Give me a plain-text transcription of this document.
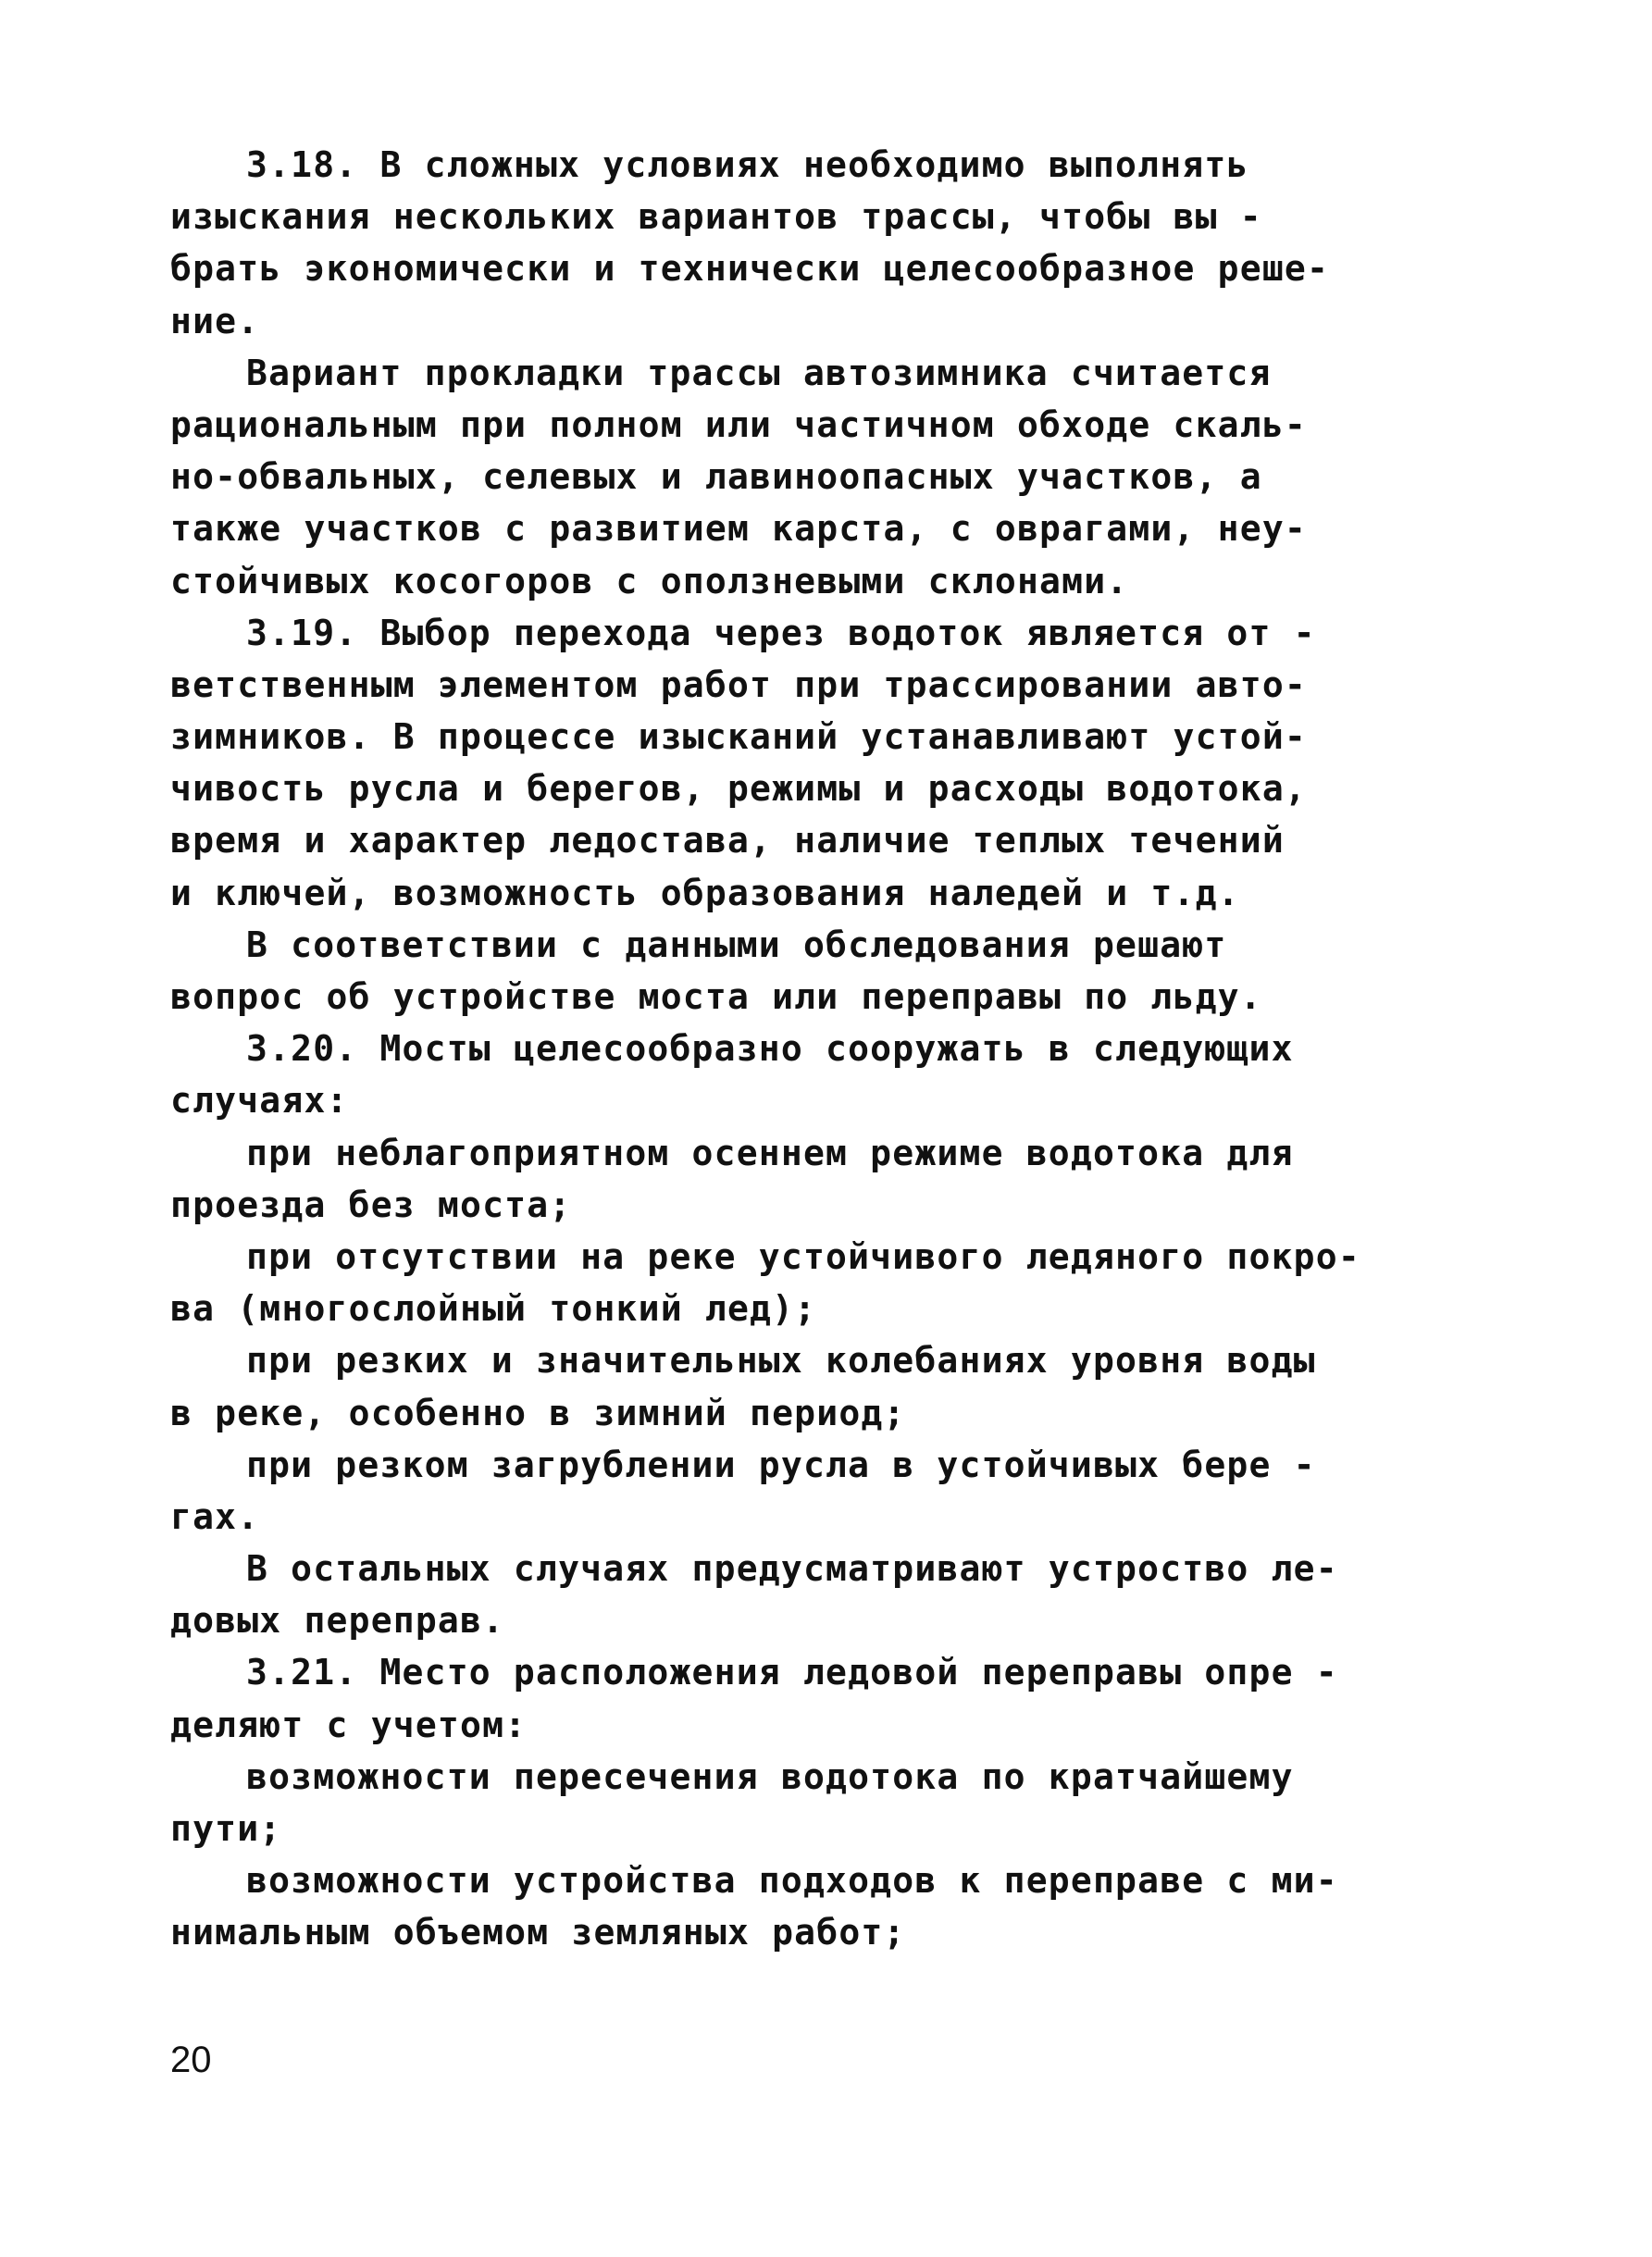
3.18. В сложных условиях необходимо выполнять
изыскания нескольких вариантов трассы, чтобы вы -
брать экономически и технически целесообразное реше-
ние.
Вариант прокладки трассы автозимника считается
рациональным при полном или частичном обходе скаль-
но-обвальных, селевых и лавиноопасных участков, а
также участков с развитием карста, с оврагами, неу-
стойчивых косогоров с оползневыми склонами.
3.19. Выбор перехода через водоток является от -
ветственным элементом работ при трассировании авто-
зимников. В процессе изысканий устанавливают устой-
чивость русла и берегов, режимы и расходы водотока,
время и характер ледостава, наличие теплых течений
и ключей, возможность образования наледей и т.д.
В соответствии с данными обследования решают
вопрос об устройстве моста или переправы по льду.
3.20. Мосты целесообразно сооружать в следующих
случаях:
при неблагоприятном осеннем режиме водотока для
проезда без моста;
при отсутствии на реке устойчивого ледяного покро-
ва (многослойный тонкий лед);
при резких и значительных колебаниях уровня воды
в реке, особенно в зимний период;
при резком загрублении русла в устойчивых бере -
гах.
В остальных случаях предусматривают устроство ле-
довых переправ.
3.21. Место расположения ледовой переправы опре -
деляют с учетом:
возможности пересечения водотока по кратчайшему
пути;
возможности устройства подходов к переправе с ми-
нимальным объемом земляных работ;
20
